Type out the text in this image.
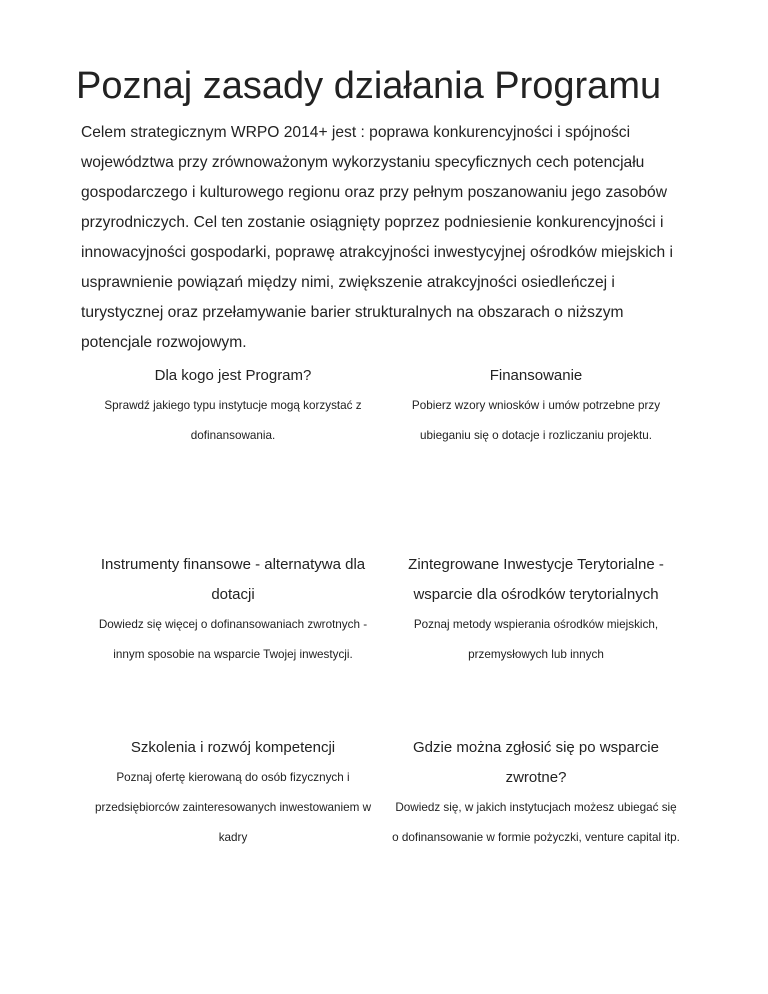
Poznaj zasady działania Programu
Celem strategicznym WRPO 2014+ jest : poprawa konkurencyjności i spójności
województwa przy zrównoważonym wykorzystaniu specyficznych cech potencjału
gospodarczego i kulturowego regionu oraz przy pełnym poszanowaniu jego zasobów
przyrodniczych. Cel ten zostanie osiągnięty poprzez podniesienie konkurencyjności i
innowacyjności gospodarki, poprawę atrakcyjności inwestycyjnej ośrodków miejskich i
usprawnienie powiązań między nimi, zwiększenie atrakcyjności osiedleńczej i
turystycznej oraz przełamywanie barier strukturalnych na obszarach o niższym
potencjale rozwojowym.
Dla kogo jest Program?
Sprawdź jakiego typu instytucje mogą korzystać z
dofinansowania.
Finansowanie
Pobierz wzory wniosków i umów potrzebne przy
ubieganiu się o dotacje i rozliczaniu projektu.
Instrumenty finansowe - alternatywa dla
dotacji
Dowiedz się więcej o dofinansowaniach zwrotnych -
innym sposobie na wsparcie Twojej inwestycji.
Zintegrowane Inwestycje Terytorialne -
wsparcie dla ośrodków terytorialnych
Poznaj metody wspierania ośrodków miejskich,
przemysłowych lub innych
Szkolenia i rozwój kompetencji
Poznaj ofertę kierowaną do osób fizycznych i
przedsiębiorców zainteresowanych inwestowaniem w
kadry
Gdzie można zgłosić się po wsparcie
zwrotne?
Dowiedz się, w jakich instytucjach możesz ubiegać się
o dofinansowanie w formie pożyczki, venture capital itp.
